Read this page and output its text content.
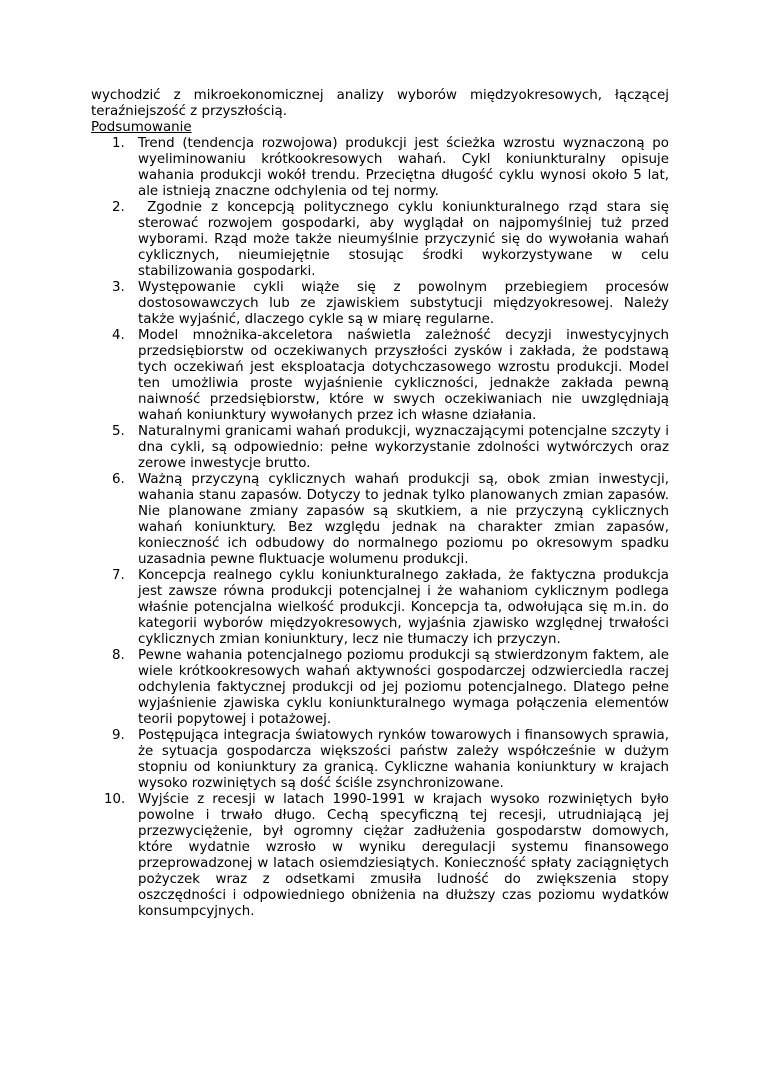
wychodzić z mikroekonomicznej analizy wyborów międzyokresowych, łączącej teraźniejszość z przyszłością.

Podsumowanie

1. Trend (tendencja rozwojowa) produkcji jest ścieżka wzrostu wyznaczoną po wyeliminowaniu krótkookresowych wahań. Cykl koniunkturalny opisuje wahania produkcji wokół trendu. Przeciętna długość cyklu wynosi około 5 lat, ale istnieją znaczne odchylenia od tej normy.
2. Zgodnie z koncepcją politycznego cyklu koniunkturalnego rząd stara się sterować rozwojem gospodarki, aby wyglądał on najpomyślniej tuż przed wyborami. Rząd może także nieumyślnie przyczynić się do wywołania wahań cyklicznych, nieumiejętnie stosując środki wykorzystywane w celu stabilizowania gospodarki.
3. Występowanie cykli wiąże się z powolnym przebiegiem procesów dostosowawczych lub ze zjawiskiem substytucji międzyokresowej. Należy także wyjaśnić, dlaczego cykle są w miarę regularne.
4. Model mnożnika-akceletora naświetla zależność decyzji inwestycyjnych przedsiębiorstw od oczekiwanych przyszłości zysków i zakłada, że podstawą tych oczekiwań jest eksploatacja dotychczasowego wzrostu produkcji. Model ten umożliwia proste wyjaśnienie cykliczności, jednakże zakłada pewną naiwność przedsiębiorstw, które w swych oczekiwaniach nie uwzględniają wahań koniunktury wywołanych przez ich własne działania.
5. Naturalnymi granicami wahań produkcji, wyznaczającymi potencjalne szczyty i dna cykli, są odpowiednio: pełne wykorzystanie zdolności wytwórczych oraz zerowe inwestycje brutto.
6. Ważną przyczyną cyklicznych wahań produkcji są, obok zmian inwestycji, wahania stanu zapasów. Dotyczy to jednak tylko planowanych zmian zapasów. Nie planowane zmiany zapasów są skutkiem, a nie przyczyną cyklicznych wahań koniunktury. Bez względu jednak na charakter zmian zapasów, konieczność ich odbudowy do normalnego poziomu po okresowym spadku uzasadnia pewne fluktuacje wolumenu produkcji.
7. Koncepcja realnego cyklu koniunkturalnego zakłada, że faktyczna produkcja jest zawsze równa produkcji potencjalnej i że wahaniom cyklicznym podlega właśnie potencjalna wielkość produkcji. Koncepcja ta, odwołująca się m.in. do kategorii wyborów międzyokresowych, wyjaśnia zjawisko względnej trwałości cyklicznych zmian koniunktury, lecz nie tłumaczy ich przyczyn.
8. Pewne wahania potencjalnego poziomu produkcji są stwierdzonym faktem, ale wiele krótkookresowych wahań aktywności gospodarczej odzwierciedla raczej odchylenia faktycznej produkcji od jej poziomu potencjalnego. Dlatego pełne wyjaśnienie zjawiska cyklu koniunkturalnego wymaga połączenia elementów teorii popytowej i potażowej.
9. Postępująca integracja światowych rynków towarowych i finansowych sprawia, że sytuacja gospodarcza większości państw zależy współcześnie w dużym stopniu od koniunktury za granicą. Cykliczne wahania koniunktury w krajach wysoko rozwiniętych są dość ściśle zsynchronizowane.
10. Wyjście z recesji w latach 1990-1991 w krajach wysoko rozwiniętych było powolne i trwało długo. Cechą specyficzną tej recesji, utrudniającą jej przezwyciężenie, był ogromny ciężar zadłużenia gospodarstw domowych, które wydatnie wzrosło w wyniku deregulacji systemu finansowego przeprowadzonej w latach osiemdziesiątych. Konieczność spłaty zaciągniętych pożyczek wraz z odsetkami zmusiła ludność do zwiększenia stopy oszczędności i odpowiedniego obniżenia na dłuższy czas poziomu wydatków konsumpcyjnych.
